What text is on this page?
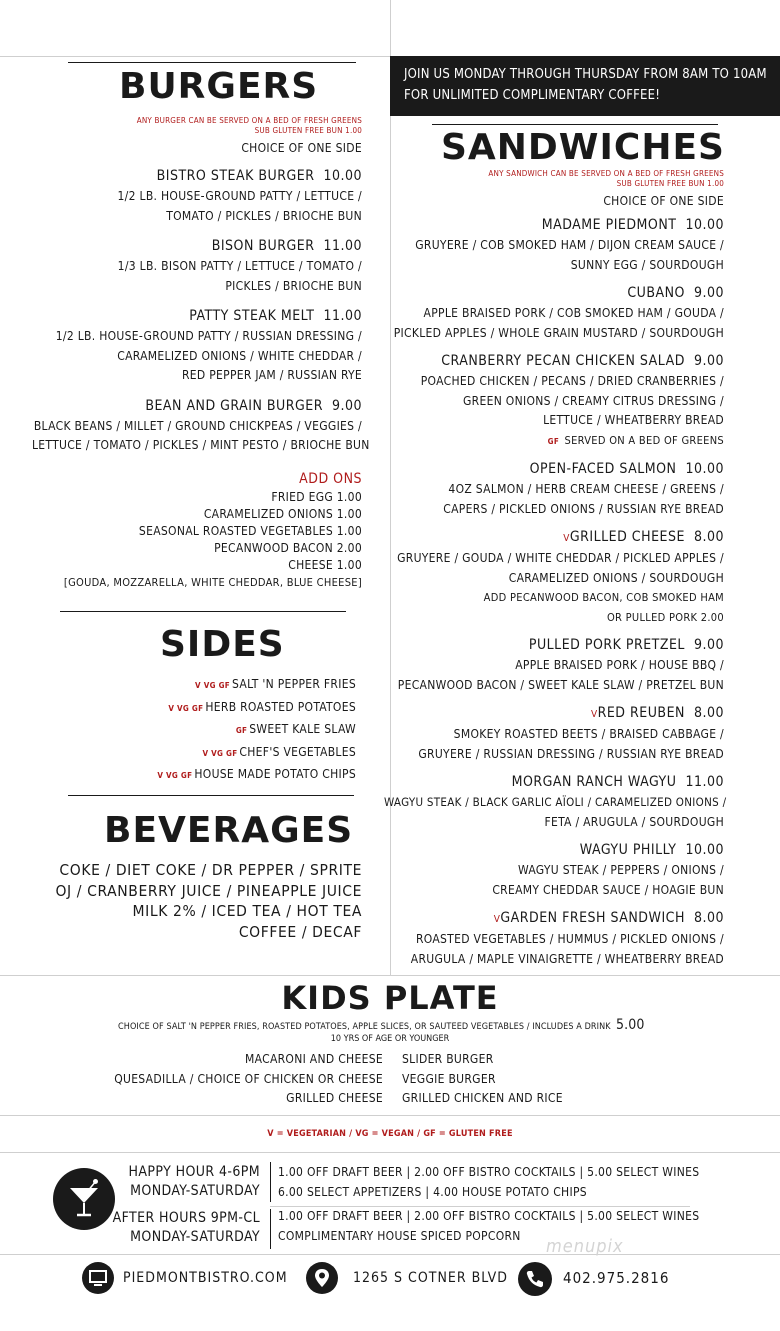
JOIN US MONDAY THROUGH THURSDAY FROM 8AM TO 10AM
FOR UNLIMITED COMPLIMENTARY COFFEE!
BURGERS
ANY BURGER CAN BE SERVED ON A BED OF FRESH GREENS
SUB GLUTEN FREE BUN 1.00
CHOICE OF ONE SIDE
BISTRO STEAK BURGER 10.00
1/2 LB. HOUSE-GROUND PATTY / LETTUCE /
TOMATO / PICKLES / BRIOCHE BUN
BISON BURGER 11.00
1/3 LB. BISON PATTY / LETTUCE / TOMATO /
PICKLES / BRIOCHE BUN
PATTY STEAK MELT 11.00
1/2 LB. HOUSE-GROUND PATTY / RUSSIAN DRESSING /
CARAMELIZED ONIONS / WHITE CHEDDAR /
RED PEPPER JAM / RUSSIAN RYE
BEAN AND GRAIN BURGER 9.00
BLACK BEANS / MILLET / GROUND CHICKPEAS / VEGGIES /
LETTUCE / TOMATO / PICKLES / MINT PESTO / BRIOCHE BUN
ADD ONS
FRIED EGG 1.00
CARAMELIZED ONIONS 1.00
SEASONAL ROASTED VEGETABLES 1.00
PECANWOOD BACON 2.00
CHEESE 1.00
[GOUDA, MOZZARELLA, WHITE CHEDDAR, BLUE CHEESE]
SIDES
V VG GF SALT 'N PEPPER FRIES
V VG GF HERB ROASTED POTATOES
GF SWEET KALE SLAW
V VG GF CHEF'S VEGETABLES
V VG GF HOUSE MADE POTATO CHIPS
BEVERAGES
COKE / DIET COKE / DR PEPPER / SPRITE
OJ / CRANBERRY JUICE / PINEAPPLE JUICE
MILK 2% / ICED TEA / HOT TEA
COFFEE / DECAF
SANDWICHES
ANY SANDWICH CAN BE SERVED ON A BED OF FRESH GREENS
SUB GLUTEN FREE BUN 1.00
CHOICE OF ONE SIDE
MADAME PIEDMONT 10.00
GRUYERE / COB SMOKED HAM / DIJON CREAM SAUCE /
SUNNY EGG / SOURDOUGH
CUBANO 9.00
APPLE BRAISED PORK / COB SMOKED HAM / GOUDA /
PICKLED APPLES / WHOLE GRAIN MUSTARD / SOURDOUGH
CRANBERRY PECAN CHICKEN SALAD 9.00
POACHED CHICKEN / PECANS / DRIED CRANBERRIES /
GREEN ONIONS / CREAMY CITRUS DRESSING /
LETTUCE / WHEATBERRY BREAD
GF SERVED ON A BED OF GREENS
OPEN-FACED SALMON 10.00
4OZ SALMON / HERB CREAM CHEESE / GREENS /
CAPERS / PICKLED ONIONS / RUSSIAN RYE BREAD
VGRILLED CHEESE 8.00
GRUYERE / GOUDA / WHITE CHEDDAR / PICKLED APPLES /
CARAMELIZED ONIONS / SOURDOUGH
ADD PECANWOOD BACON, COB SMOKED HAM
OR PULLED PORK 2.00
PULLED PORK PRETZEL 9.00
APPLE BRAISED PORK / HOUSE BBQ /
PECANWOOD BACON / SWEET KALE SLAW / PRETZEL BUN
VRED REUBEN 8.00
SMOKEY ROASTED BEETS / BRAISED CABBAGE /
GRUYERE / RUSSIAN DRESSING / RUSSIAN RYE BREAD
MORGAN RANCH WAGYU 11.00
WAGYU STEAK / BLACK GARLIC AÏOLI / CARAMELIZED ONIONS /
FETA / ARUGULA / SOURDOUGH
WAGYU PHILLY 10.00
WAGYU STEAK / PEPPERS / ONIONS /
CREAMY CHEDDAR SAUCE / HOAGIE BUN
VGARDEN FRESH SANDWICH 8.00
ROASTED VEGETABLES / HUMMUS / PICKLED ONIONS /
ARUGULA / MAPLE VINAIGRETTE / WHEATBERRY BREAD
KIDS PLATE
CHOICE OF SALT 'N PEPPER FRIES, ROASTED POTATOES, APPLE SLICES, OR SAUTEED VEGETABLES / INCLUDES A DRINK 5.00
10 YRS OF AGE OR YOUNGER
MACARONI AND CHEESE
QUESADILLA / CHOICE OF CHICKEN OR CHEESE
GRILLED CHEESE
SLIDER BURGER
VEGGIE BURGER
GRILLED CHICKEN AND RICE
V = VEGETARIAN / VG = VEGAN / GF = GLUTEN FREE
HAPPY HOUR 4-6PM
MONDAY-SATURDAY
1.00 OFF DRAFT BEER | 2.00 OFF BISTRO COCKTAILS | 5.00 SELECT WINES
6.00 SELECT APPETIZERS | 4.00 HOUSE POTATO CHIPS
AFTER HOURS 9PM-CL
MONDAY-SATURDAY
1.00 OFF DRAFT BEER | 2.00 OFF BISTRO COCKTAILS | 5.00 SELECT WINES
COMPLIMENTARY HOUSE SPICED POPCORN
menupix
PIEDMONTBISTRO.COM	1265 S COTNER BLVD	402.975.2816
